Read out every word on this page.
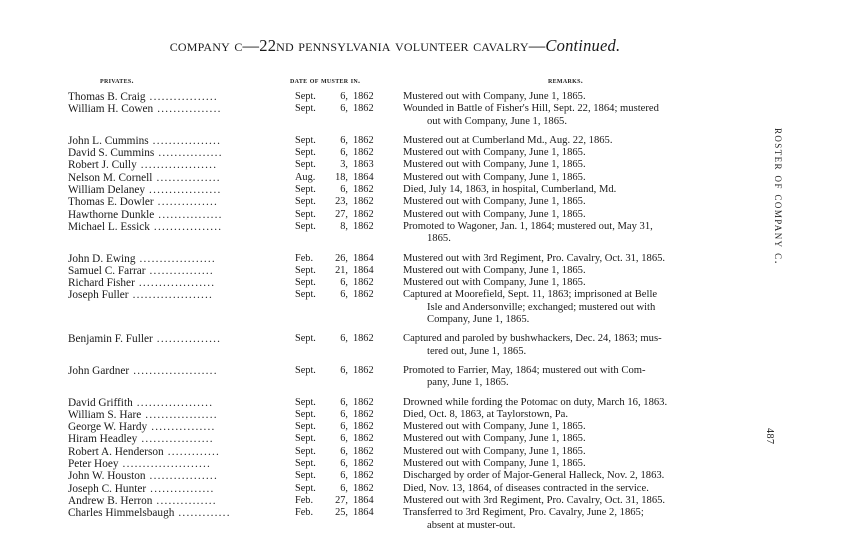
company c—22nd pennsylvania volunteer cavalry—Continued.
privates.	date of muster in.	remarks.
Thomas B. Craig .................	Sept. 6, 1862	Mustered out with Company, June 1, 1865.
William H. Cowen ................	Sept. 6, 1862	Wounded in Battle of Fisher's Hill, Sept. 22, 1864; mustered
out with Company, June 1, 1865.
John L. Cummins .................	Sept. 6, 1862	Mustered out at Cumberland Md., Aug. 22, 1865.
David S. Cummins ................	Sept. 6, 1862	Mustered out with Company, June 1, 1865.
Robert J. Cully ...................	Sept. 3, 1863	Mustered out with Company, June 1, 1865.
Nelson M. Cornell ................	Aug. 18, 1864	Mustered out with Company, June 1, 1865.
William Delaney ..................	Sept. 6, 1862	Died, July 14, 1863, in hospital, Cumberland, Md.
Thomas E. Dowler ...............	Sept. 23, 1862	Mustered out with Company, June 1, 1865.
Hawthorne Dunkle ................	Sept. 27, 1862	Mustered out with Company, June 1, 1865.
Michael L. Essick .................	Sept. 8, 1862	Promoted to Wagoner, Jan. 1, 1864; mustered out, May 31,
1865.
John D. Ewing ...................	Feb. 26, 1864	Mustered out with 3rd Regiment, Pro. Cavalry, Oct. 31, 1865.
Samuel C. Farrar ................	Sept. 21, 1864	Mustered out with Company, June 1, 1865.
Richard Fisher ...................	Sept. 6, 1862	Mustered out with Company, June 1, 1865.
Joseph Fuller ....................	Sept. 6, 1862	Captured at Moorefield, Sept. 11, 1863; imprisoned at Belle
Isle and Andersonville; exchanged; mustered out with
Company, June 1, 1865.
Benjamin F. Fuller ................	Sept. 6, 1862	Captured and paroled by bushwhackers, Dec. 24, 1863; mus-
tered out, June 1, 1865.
John Gardner .....................	Sept. 6, 1862	Promoted to Farrier, May, 1864; mustered out with Com-
pany, June 1, 1865.
David Griffith ...................	Sept. 6, 1862	Drowned while fording the Potomac on duty, March 16, 1863.
William S. Hare ..................	Sept. 6, 1862	Died, Oct. 8, 1863, at Taylorstown, Pa.
George W. Hardy ................	Sept. 6, 1862	Mustered out with Company, June 1, 1865.
Hiram Headley ..................	Sept. 6, 1862	Mustered out with Company, June 1, 1865.
Robert A. Henderson .............	Sept. 6, 1862	Mustered out with Company, June 1, 1865.
Peter Hoey ......................	Sept. 6, 1862	Mustered out with Company, June 1, 1865.
John W. Houston .................	Sept. 6, 1862	Discharged by order of Major-General Halleck, Nov. 2, 1863.
Joseph C. Hunter ................	Sept. 6, 1862	Died, Nov. 13, 1864, of diseases contracted in the service.
Andrew B. Herron ...............	Feb. 27, 1864	Mustered out with 3rd Regiment, Pro. Cavalry, Oct. 31, 1865.
Charles Himmelsbaugh .............	Feb. 25, 1864	Transferred to 3rd Regiment, Pro. Cavalry, June 2, 1865;
absent at muster-out.
roster of company c.
487
